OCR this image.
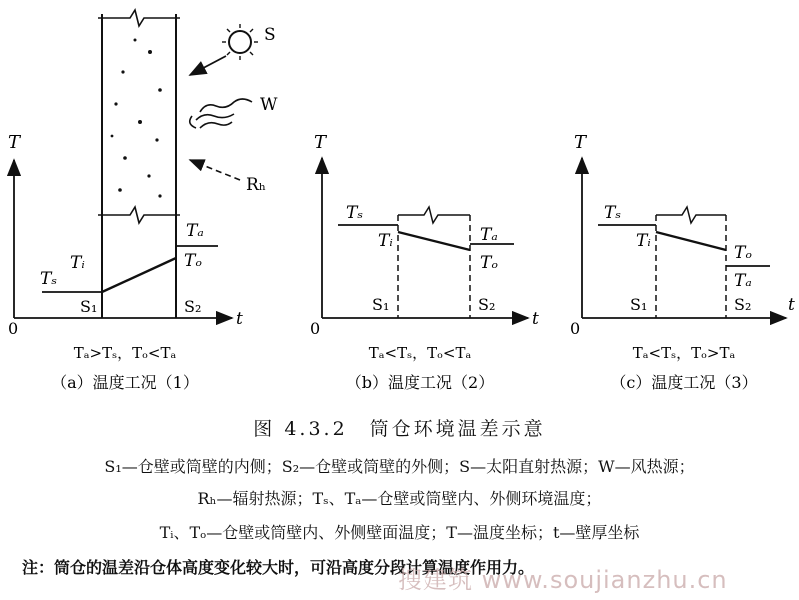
S
W
Rₕ
T
t
0
Tₛ
Tᵢ
Tₐ
Tₒ
S₁	S₂
Tₐ>Tₛ，Tₒ<Tₐ
（a）温度工况（1）
T
t
0
Tₛ
Tᵢ	Tₐ
Tₒ
S₁	S₂
Tₐ<Tₛ，Tₒ<Tₐ
（b）温度工况（2）
T
t
0
Tₛ
Tᵢ
Tₒ
Tₐ
S₁	S₂
Tₐ<Tₛ，Tₒ>Tₐ
（c）温度工况（3）
图 4.3.2　筒仓环境温差示意
S₁—仓壁或筒壁的内侧；S₂—仓壁或筒壁的外侧；S—太阳直射热源；W—风热源；
Rₕ—辐射热源；Tₛ、Tₐ—仓壁或筒壁内、外侧环境温度；
Tᵢ、Tₒ—仓壁或筒壁内、外侧壁面温度；T—温度坐标；t—壁厚坐标
注：筒仓的温差沿仓体高度变化较大时，可沿高度分段计算温度作用力。
搜建筑 www.soujianzhu.cn
